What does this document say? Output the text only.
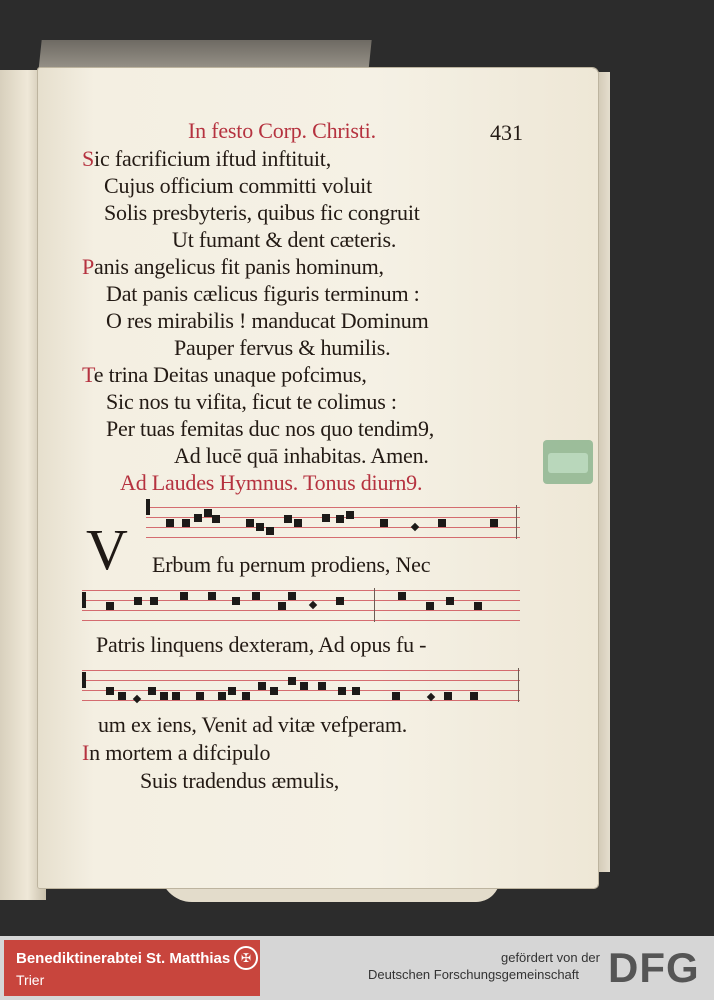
In festo Corp. Christi.	431
Sic facrificium iftud inftituit,
Cujus officium committi voluit
Solis presbyteris, quibus fic congruit
Ut fumant & dent cæteris.
Panis angelicus fit panis hominum,
Dat panis cælicus figuris terminum :
O res mirabilis ! manducat Dominum
Pauper fervus & humilis.
Te trina Deitas unaque pofcimus,
Sic nos tu vifita, ficut te colimus :
Per tuas femitas duc nos quo tendim9,
Ad lucē quā inhabitas. Amen.
Ad Laudes Hymnus. Tonus diurn9.
V Erbum fu pernum prodiens, Nec
Patris linquens dexteram, Ad opus fu -
um ex iens, Venit ad vitæ vefperam.
In mortem a difcipulo
Suis tradendus æmulis,
Benediktinerabtei St. Matthias
Trier
✠	gefördert von der
Deutschen Forschungsgemeinschaft DFG
